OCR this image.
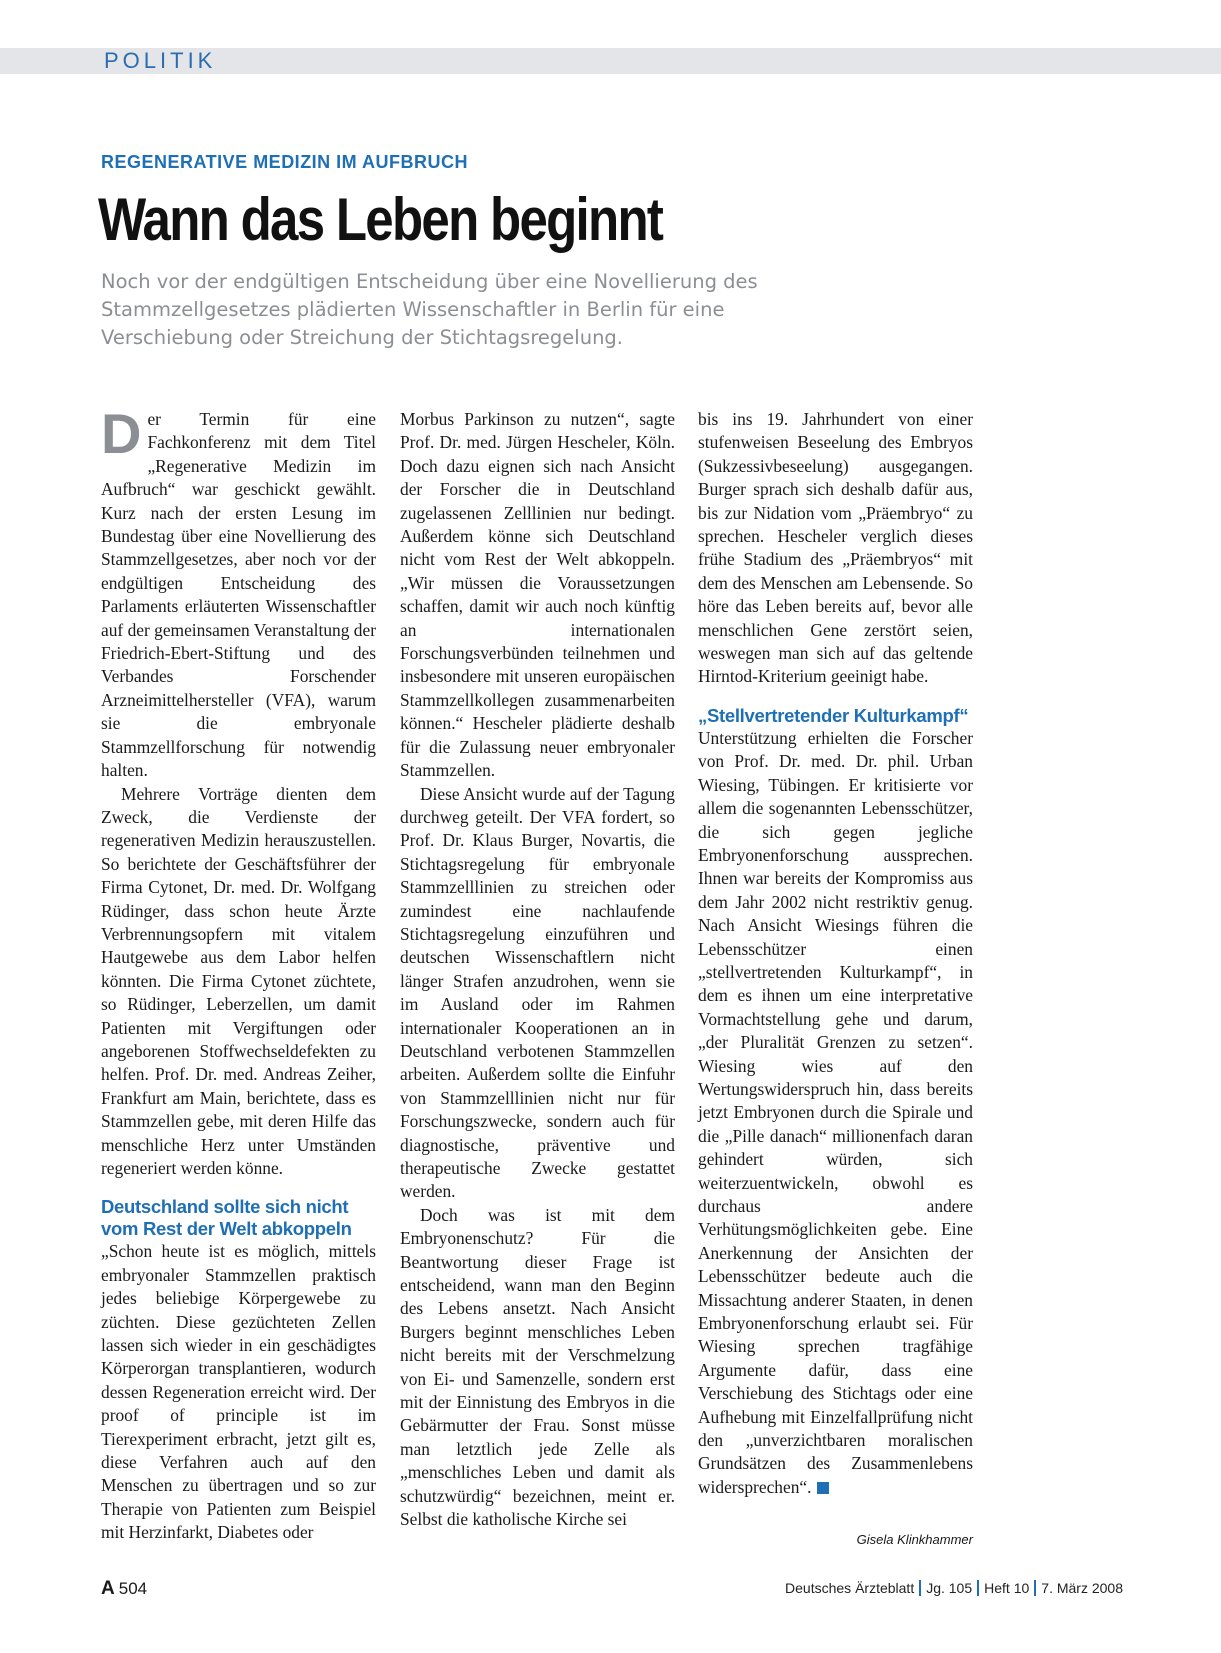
POLITIK
REGENERATIVE MEDIZIN IM AUFBRUCH
Wann das Leben beginnt

Noch vor der endgültigen Entscheidung über eine Novellierung des Stammzellgesetzes plädierten Wissenschaftler in Berlin für eine Verschiebung oder Streichung der Stichtagsregelung.

D er Termin für eine Fachkonferenz mit dem Titel „Regenerative Medizin im Aufbruch“ war geschickt gewählt. Kurz nach der ersten Lesung im Bundestag über eine Novellierung des Stammzellgesetzes, aber noch vor der endgültigen Entscheidung des Parlaments erläuterten Wissenschaftler auf der gemeinsamen Veranstaltung der Friedrich-Ebert-Stiftung und des Verbandes Forschender Arzneimittelhersteller (VFA), warum sie die embryonale Stammzellforschung für notwendig halten.

Mehrere Vorträge dienten dem Zweck, die Verdienste der regenerativen Medizin herauszustellen. So berichtete der Geschäftsführer der Firma Cytonet, Dr. med. Dr. Wolfgang Rüdinger, dass schon heute Ärzte Verbrennungsopfern mit vitalem Hautgewebe aus dem Labor helfen könnten. Die Firma Cytonet züchtete, so Rüdinger, Leberzellen, um damit Patienten mit Vergiftungen oder angeborenen Stoffwechseldefekten zu helfen. Prof. Dr. med. Andreas Zeiher, Frankfurt am Main, berichtete, dass es Stammzellen gebe, mit deren Hilfe das menschliche Herz unter Umständen regeneriert werden könne.

Deutschland sollte sich nicht vom Rest der Welt abkoppeln

„Schon heute ist es möglich, mittels embryonaler Stammzellen praktisch jedes beliebige Körpergewebe zu züchten. Diese gezüchteten Zellen lassen sich wieder in ein geschädigtes Körperorgan transplantieren, wodurch dessen Regeneration erreicht wird. Der proof of principle ist im Tierexperiment erbracht, jetzt gilt es, diese Verfahren auch auf den Menschen zu übertragen und so zur Therapie von Patienten zum Beispiel mit Herzinfarkt, Diabetes oder

Morbus Parkinson zu nutzen“, sagte Prof. Dr. med. Jürgen Hescheler, Köln. Doch dazu eignen sich nach Ansicht der Forscher die in Deutschland zugelassenen Zelllinien nur bedingt. Außerdem könne sich Deutschland nicht vom Rest der Welt abkoppeln. „Wir müssen die Voraussetzungen schaffen, damit wir auch noch künftig an internationalen Forschungsverbünden teilnehmen und insbesondere mit unseren europäischen Stammzellkollegen zusammenarbeiten können.“ Hescheler plädierte deshalb für die Zulassung neuer embryonaler Stammzellen.

Diese Ansicht wurde auf der Tagung durchweg geteilt. Der VFA fordert, so Prof. Dr. Klaus Burger, Novartis, die Stichtagsregelung für embryonale Stammzelllinien zu streichen oder zumindest eine nachlaufende Stichtagsregelung einzuführen und deutschen Wissenschaftlern nicht länger Strafen anzudrohen, wenn sie im Ausland oder im Rahmen internationaler Kooperationen an in Deutschland verbotenen Stammzellen arbeiten. Außerdem sollte die Einfuhr von Stammzelllinien nicht nur für Forschungszwecke, sondern auch für diagnostische, präventive und therapeutische Zwecke gestattet werden.

Doch was ist mit dem Embryonenschutz? Für die Beantwortung dieser Frage ist entscheidend, wann man den Beginn des Lebens ansetzt. Nach Ansicht Burgers beginnt menschliches Leben nicht bereits mit der Verschmelzung von Ei- und Samenzelle, sondern erst mit der Einnistung des Embryos in die Gebärmutter der Frau. Sonst müsse man letztlich jede Zelle als „menschliches Leben und damit als schutzwürdig“ bezeichnen, meint er. Selbst die katholische Kirche sei

bis ins 19. Jahrhundert von einer stufenweisen Beseelung des Embryos (Sukzessivbeseelung) ausgegangen. Burger sprach sich deshalb dafür aus, bis zur Nidation vom „Präembryo“ zu sprechen. Hescheler verglich dieses frühe Stadium des „Präembryos“ mit dem des Menschen am Lebensende. So höre das Leben bereits auf, bevor alle menschlichen Gene zerstört seien, weswegen man sich auf das geltende Hirntod-Kriterium geeinigt habe.

„Stellvertretender Kulturkampf“

Unterstützung erhielten die Forscher von Prof. Dr. med. Dr. phil. Urban Wiesing, Tübingen. Er kritisierte vor allem die sogenannten Lebensschützer, die sich gegen jegliche Embryonenforschung aussprechen. Ihnen war bereits der Kompromiss aus dem Jahr 2002 nicht restriktiv genug. Nach Ansicht Wiesings führen die Lebensschützer einen „stellvertretenden Kulturkampf“, in dem es ihnen um eine interpretative Vormachtstellung gehe und darum, „der Pluralität Grenzen zu setzen“. Wiesing wies auf den Wertungswiderspruch hin, dass bereits jetzt Embryonen durch die Spirale und die „Pille danach“ millionenfach daran gehindert würden, sich weiterzuentwickeln, obwohl es durchaus andere Verhütungsmöglichkeiten gebe. Eine Anerkennung der Ansichten der Lebensschützer bedeute auch die Missachtung anderer Staaten, in denen Embryonenforschung erlaubt sei. Für Wiesing sprechen tragfähige Argumente dafür, dass eine Verschiebung des Stichtags oder eine Aufhebung mit Einzelfallprüfung nicht den „unverzichtbaren moralischen Grundsätzen des Zusammenlebens widersprechen“.

Gisela Klinkhammer
A 504	Deutsches Ärzteblatt Jg. 105 Heft 10 7. März 2008
